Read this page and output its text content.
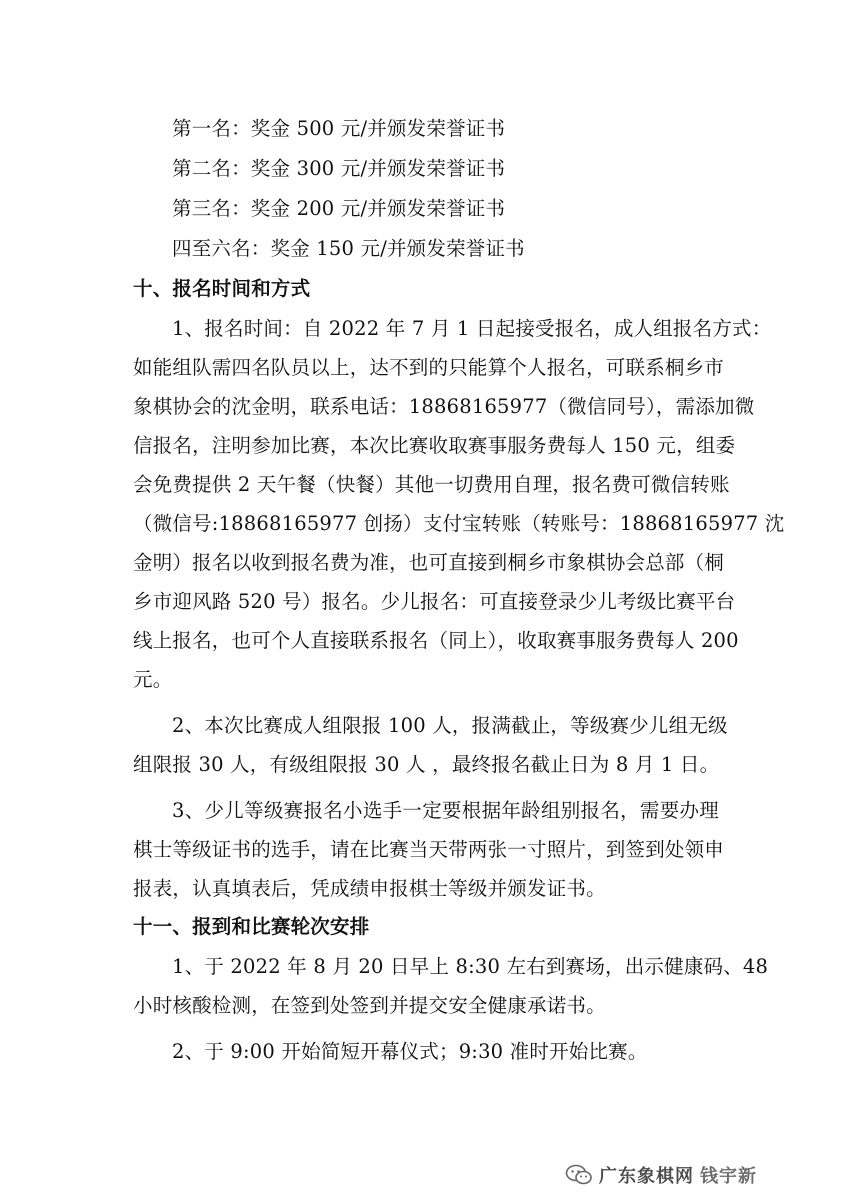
第一名：奖金 500 元/并颁发荣誉证书
第二名：奖金 300 元/并颁发荣誉证书
第三名：奖金 200 元/并颁发荣誉证书
四至六名：奖金 150 元/并颁发荣誉证书
十、报名时间和方式
1、报名时间：自 2022 年 7 月 1 日起接受报名，成人组报名方式：
如能组队需四名队员以上，达不到的只能算个人报名，可联系桐乡市
象棋协会的沈金明，联系电话：18868165977（微信同号），需添加微
信报名，注明参加比赛，本次比赛收取赛事服务费每人 150 元，组委
会免费提供 2 天午餐（快餐）其他一切费用自理，报名费可微信转账
（微信号:18868165977 创扬）支付宝转账（转账号：18868165977 沈
金明）报名以收到报名费为准，也可直接到桐乡市象棋协会总部（桐
乡市迎风路 520 号）报名。少儿报名：可直接登录少儿考级比赛平台
线上报名，也可个人直接联系报名（同上），收取赛事服务费每人 200
元。
2、本次比赛成人组限报 100 人，报满截止，等级赛少儿组无级
组限报 30 人，有级组限报 30 人 ，最终报名截止日为 8 月 1 日。
3、少儿等级赛报名小选手一定要根据年龄组别报名，需要办理
棋士等级证书的选手，请在比赛当天带两张一寸照片，到签到处领申
报表，认真填表后，凭成绩申报棋士等级并颁发证书。
十一、报到和比赛轮次安排
1、于 2022 年 8 月 20 日早上 8:30 左右到赛场，出示健康码、48
小时核酸检测，在签到处签到并提交安全健康承诺书。
2、于 9:00 开始简短开幕仪式；9:30 准时开始比赛。
广东象棋网 钱宇新
